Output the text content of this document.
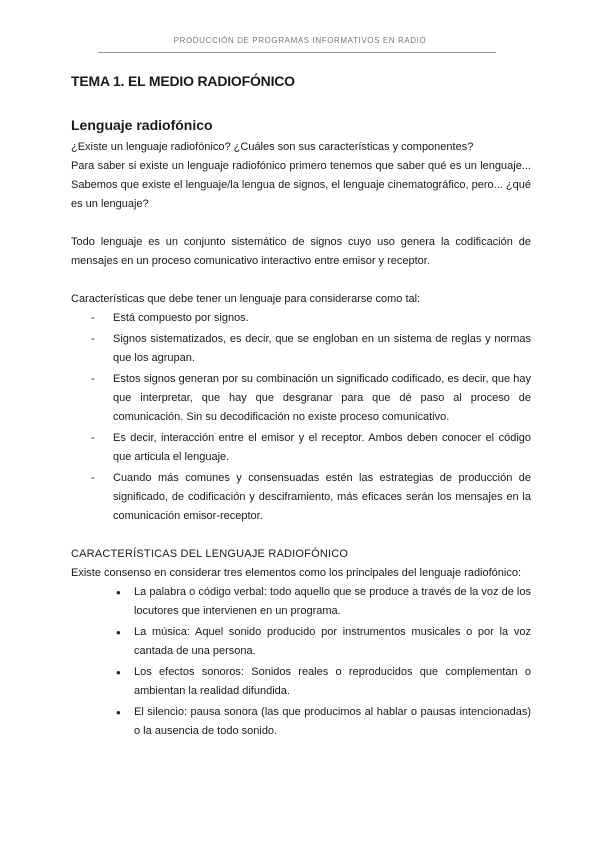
PRODUCCIÓN DE PROGRAMAS INFORMATIVOS EN RADIO
TEMA 1. EL MEDIO RADIOFÓNICO
Lenguaje radiofónico

¿Existe un lenguaje radiofónico? ¿Cuáles son sus características y componentes?

Para saber si existe un lenguaje radiofónico primero tenemos que saber qué es un lenguaje... Sabemos que existe el lenguaje/la lengua de signos, el lenguaje cinematográfico, pero... ¿qué es un lenguaje?

Todo lenguaje es un conjunto sistemático de signos cuyo uso genera la codificación de mensajes en un proceso comunicativo interactivo entre emisor y receptor.

Características que debe tener un lenguaje para considerarse como tal:

- Está compuesto por signos.
- Signos sistematizados, es decir, que se engloban en un sistema de reglas y normas que los agrupan.
- Estos signos generan por su combinación un significado codificado, es decir, que hay que interpretar, que hay que desgranar para que dé paso al proceso de comunicación. Sin su decodificación no existe proceso comunicativo.
- Es decir, interacción entre el emisor y el receptor. Ambos deben conocer el código que articula el lenguaje.
- Cuando más comunes y consensuadas estén las estrategias de producción de significado, de codificación y desciframiento, más eficaces serán los mensajes en la comunicación emisor-receptor.

CARACTERÍSTICAS DEL LENGUAJE RADIOFÓNICO

Existe consenso en considerar tres elementos como los principales del lenguaje radiofónico:

● La palabra o código verbal: todo aquello que se produce a través de la voz de los locutores que intervienen en un programa.
● La música: Aquel sonido producido por instrumentos musicales o por la voz cantada de una persona.
● Los efectos sonoros: Sonidos reales o reproducidos que complementan o ambientan la realidad difundida.
● El silencio: pausa sonora (las que producimos al hablar o pausas intencionadas) o la ausencia de todo sonido.
